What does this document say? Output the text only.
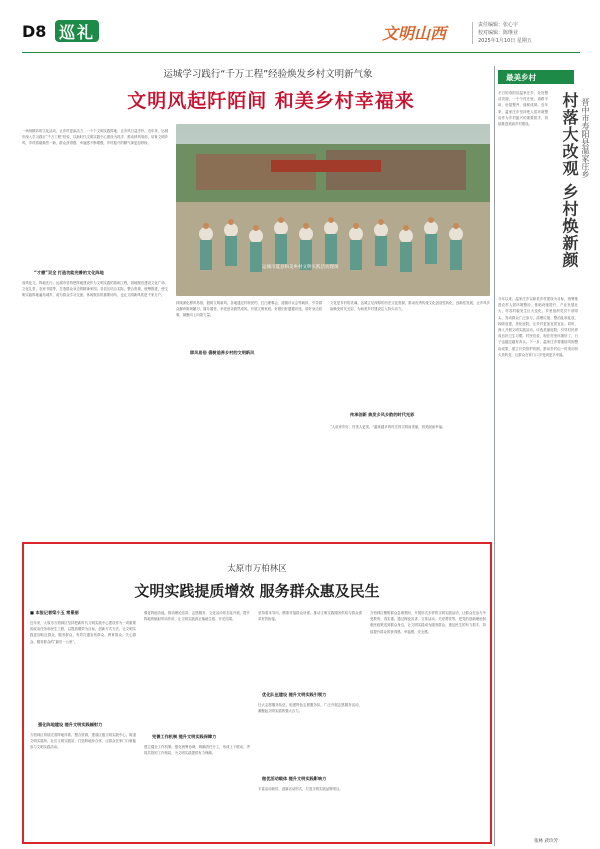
D8 巡礼	文明山西	责任编辑：张心宇
校对编辑：陈继业
2025年1月10日 星期五
运城学习践行“千万工程”经验焕发乡村文明新气象
文明风起阡陌间 和美乡村幸福来
运城市夏县和美乡村文明实践活动现场
一场场精彩的文化活动，让乡村更添活力；一个个文明实践阵地，让乡风日益淳朴。近年来，运城市深入学习践行“千万工程”经验，以新时代文明实践中心建设为抓手，推动移风易俗、培育文明乡风，乡村面貌焕然一新，群众获得感、幸福感不断增强，乡村振兴的精气神更加昂扬。
“才德”双全 打造功能完善的文化阵地
成风化文，阵地先行。运城市坚持把阵地建设作为文明实践的基础工程，因地制宜建设文化广场、文化礼堂、农家书屋等，打造群众身边的精神家园。各县区结合实际，整合资源，统筹推进，使文明实践阵地遍布城乡，成为群众学习交流、休闲娱乐的重要场所，也让文明新风吹进千家万户。
持续深化移风易俗，倡树文明新风。各地通过村规民约、红白理事会、道德评议会等载体，引导群众摒弃陈规陋习，简办婚丧、孝老爱亲蔚然成风。开展文明家庭、好媳妇好婆婆评选，讲好身边故事，凝聚向上向善力量。
移风易俗 倡树追养乡村的文明新风
文化是乡村的灵魂。运城立足深厚的历史文化资源，推动优秀传统文化创造性转化、创新性发展，让乡风乡韵焕发时代光彩，为和美乡村建设注入持久动力。
传承创新 焕发乡风乡韵的时代光彩
“人说家乡好，村美人更美。”越来越多的村庄因文明而美丽，因美丽而幸福。
最美乡村
冬日的寿阳县温家庄乡，处处整洁亮丽，一个个村庄里，道路平坦，房屋整齐，绿树成荫。近年来，温家庄乡坚持把人居环境整治作为乡村振兴的重要抓手，持续推进美丽乡村建设。	村落大改观 乡村焕新颜 晋中市寿阳县温家庄乡
今年以来，温家庄乡以和美乡村建设为目标，统筹推进农村人居环境整治、基础设施提升、产业发展壮大，村容村貌发生巨大变化。乡里组织党员干部带头，发动群众广泛参与，清理垃圾、整治乱堆乱放，拆除违建，美化庭院，让乡村更加宜居宜业。同时，深入开展文明实践活动，评选美丽庭院，引导村民养成良好卫生习惯。村民们说，现在村里环境好了，日子也越过越有奔头。下一步，温家庄乡将继续巩固整治成果，建立长效管护机制，推动乡村由一时美向持久美转变，让群众在家门口享受到更多幸福。
张林 武玲芳
太原市万柏林区
文明实践提质增效 服务群众惠及民生
■ 本报记者梁小玉 常景丽
近年来，太原市万柏林区坚持把新时代文明实践中心建设作为一项重要的政治任务和民生工程，以提质增效为目标，创新方式方法，让文明实践更加贴近群众、服务群众，有效打通宣传群众、教育群众、关心群众、服务群众的“最后一公里”。
强化阵地建设 提升文明实践辐射力
万柏林区持续完善阵地体系，整合资源，建成区级文明实践中心、街道文明实践所、社区文明实践站，打造阵地综合体，让群众在家门口就能参与文明实践活动。
强化阵地功能，推动理论宣讲、志愿服务、文化活动常态化开展，提升阵地的辐射带动作用，让文明实践真正落地生根、开花结果。
完善工作机制 提升文明实践保障力
建立健全工作机制，强化统筹协调，明确责任分工，形成上下联动、齐抓共管的工作格局，为文明实践提供有力保障。
坚持需求导向，精准对接群众所需，推动文明实践服务供给与群众需求有效衔接。
优化队伍建设 提升文明实践引领力
壮大志愿服务队伍，组建特色志愿服务队，广泛开展志愿服务活动，凝聚起文明实践的强大合力。
做优活动载体 提升文明实践影响力
丰富活动载体，创新活动形式，打造文明实践品牌项目。
万柏林区聚焦群众急难愁盼，开展形式多样的文明实践活动，让群众在参与中受教育、得实惠。通过理论宣讲、文体活动、关爱帮扶等，把党的创新理论和惠民政策送到群众身边，让文明实践成为服务群众、惠及民生的有力抓手，持续提升群众的获得感、幸福感、安全感。
